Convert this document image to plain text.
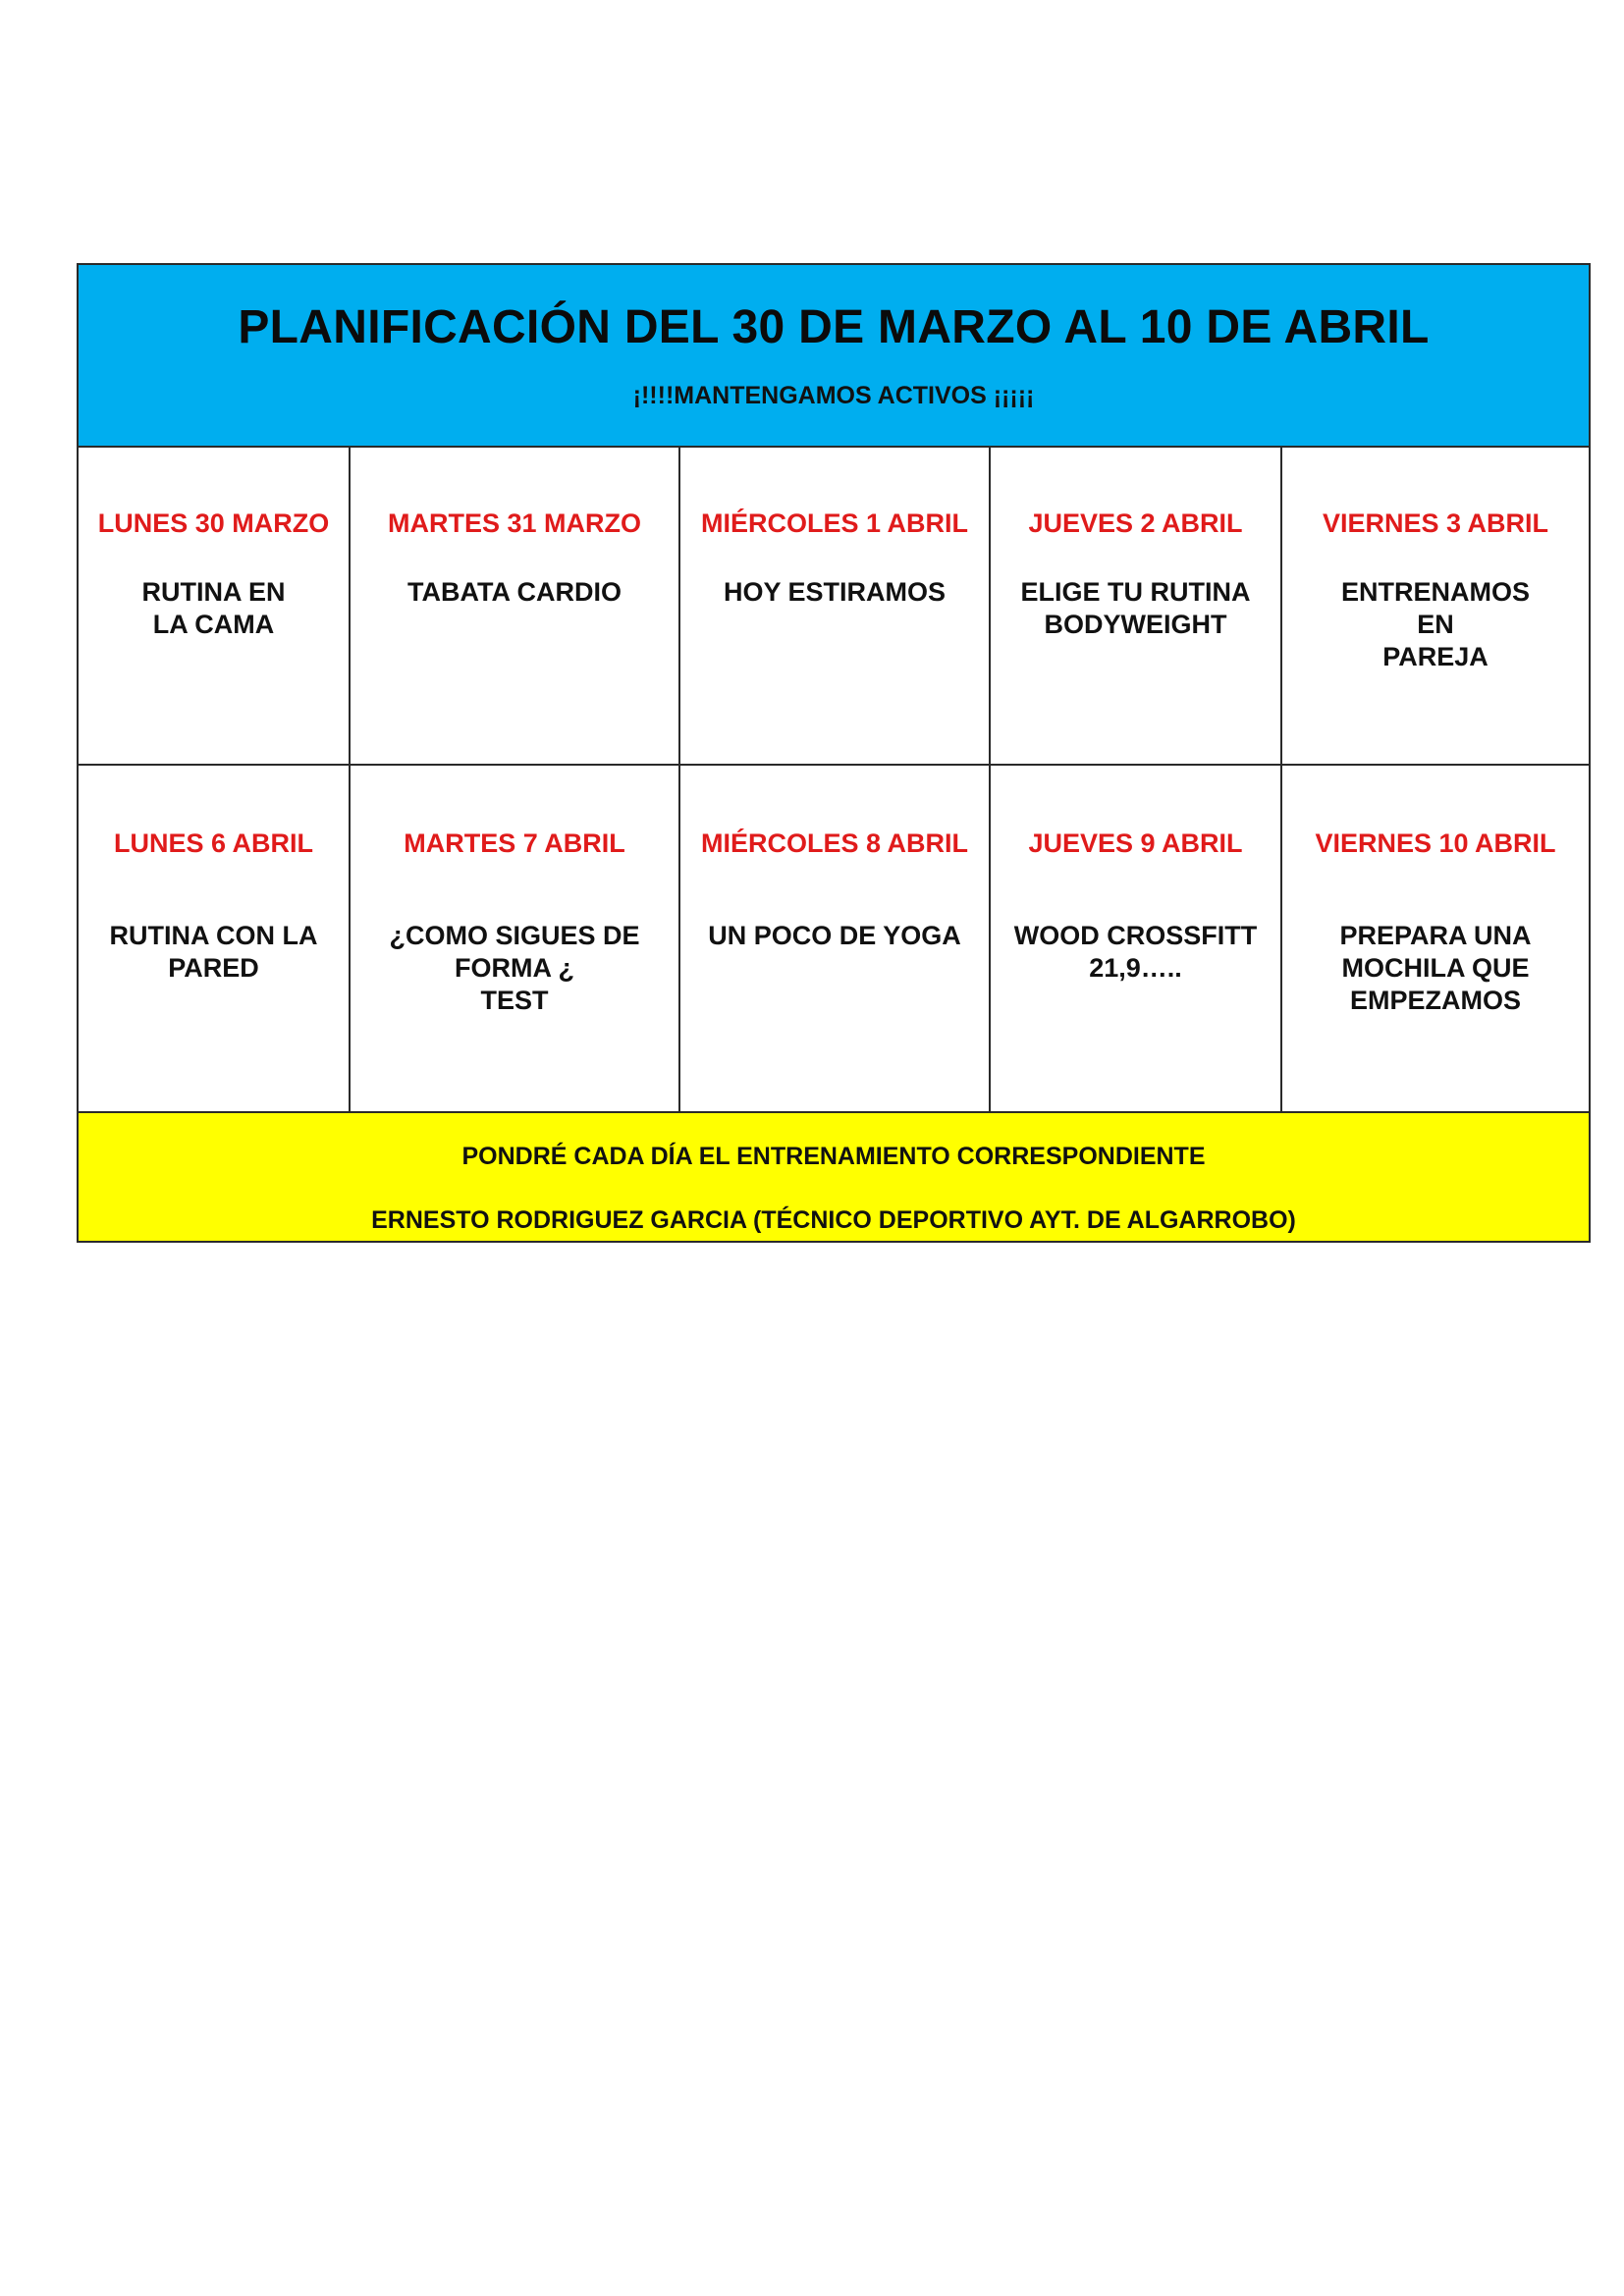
PLANIFICACIÓN DEL 30 DE MARZO AL 10 DE ABRIL
¡!!!!MANTENGAMOS ACTIVOS ¡¡¡¡¡
LUNES 30 MARZO
RUTINA EN
LA CAMA
MARTES 31 MARZO
TABATA CARDIO
MIÉRCOLES 1 ABRIL
HOY ESTIRAMOS
JUEVES 2 ABRIL
ELIGE TU RUTINA
BODYWEIGHT
VIERNES 3 ABRIL
ENTRENAMOS
EN
PAREJA
LUNES 6 ABRIL
RUTINA CON LA
PARED
MARTES 7 ABRIL
¿COMO SIGUES DE
FORMA ¿
TEST
MIÉRCOLES 8 ABRIL
UN POCO DE YOGA
JUEVES 9 ABRIL
WOOD CROSSFITT
21,9…..
VIERNES 10 ABRIL
PREPARA UNA
MOCHILA QUE
EMPEZAMOS
PONDRÉ CADA DÍA EL ENTRENAMIENTO CORRESPONDIENTE
ERNESTO RODRIGUEZ GARCIA (TÉCNICO DEPORTIVO AYT. DE ALGARROBO)
